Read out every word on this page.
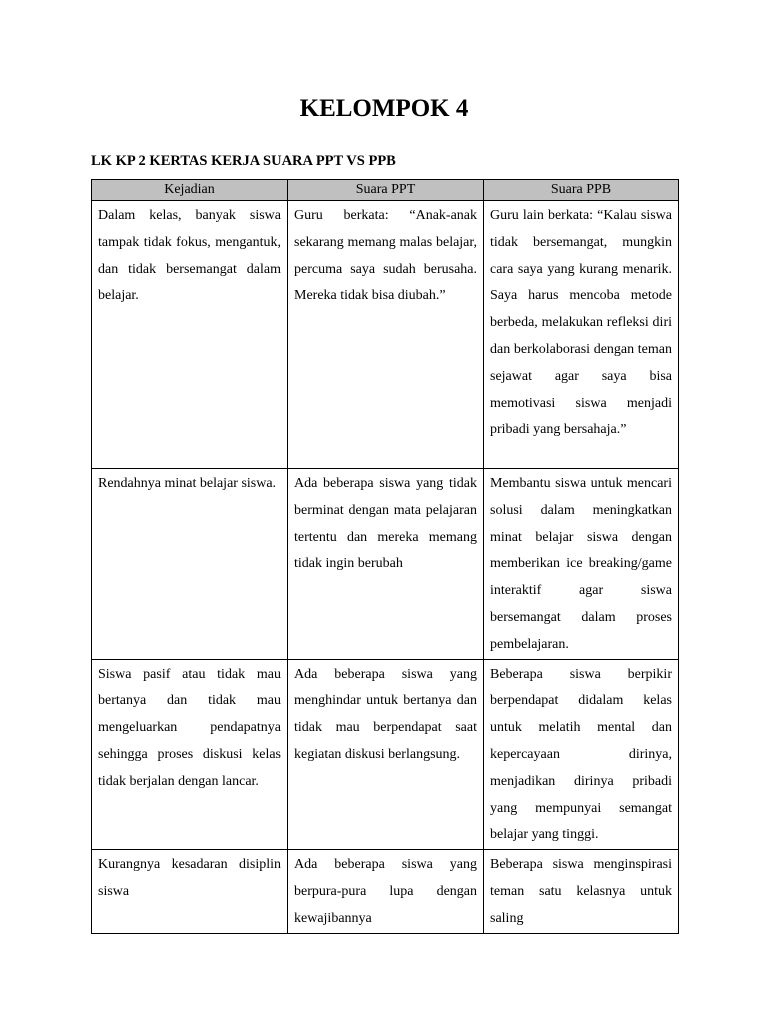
KELOMPOK 4
LK KP 2 KERTAS KERJA SUARA PPT VS PPB
Kejadian	Suara PPT	Suara PPB

Dalam kelas, banyak siswa tampak tidak fokus, mengantuk, dan tidak bersemangat dalam belajar.	Guru berkata: “Anak-anak sekarang memang malas belajar, percuma saya sudah berusaha. Mereka tidak bisa diubah.”	Guru lain berkata: “Kalau siswa tidak bersemangat, mungkin cara saya yang kurang menarik. Saya harus mencoba metode berbeda, melakukan refleksi diri dan berkolaborasi dengan teman sejawat agar saya bisa memotivasi siswa menjadi pribadi yang bersahaja.”

Rendahnya minat belajar siswa.	Ada beberapa siswa yang tidak berminat dengan mata pelajaran tertentu dan mereka memang tidak ingin berubah	Membantu siswa untuk mencari solusi dalam meningkatkan minat belajar siswa dengan memberikan ice breaking/game interaktif agar siswa bersemangat dalam proses pembelajaran.

Siswa pasif atau tidak mau bertanya dan tidak mau mengeluarkan pendapatnya sehingga proses diskusi kelas tidak berjalan dengan lancar.	Ada beberapa siswa yang menghindar untuk bertanya dan tidak mau berpendapat saat kegiatan diskusi berlangsung.	Beberapa siswa berpikir berpendapat didalam kelas untuk melatih mental dan kepercayaan dirinya, menjadikan dirinya pribadi yang mempunyai semangat belajar yang tinggi.

Kurangnya kesadaran disiplin siswa	Ada beberapa siswa yang berpura-pura lupa dengan kewajibannya	Beberapa siswa menginspirasi teman satu kelasnya untuk saling
